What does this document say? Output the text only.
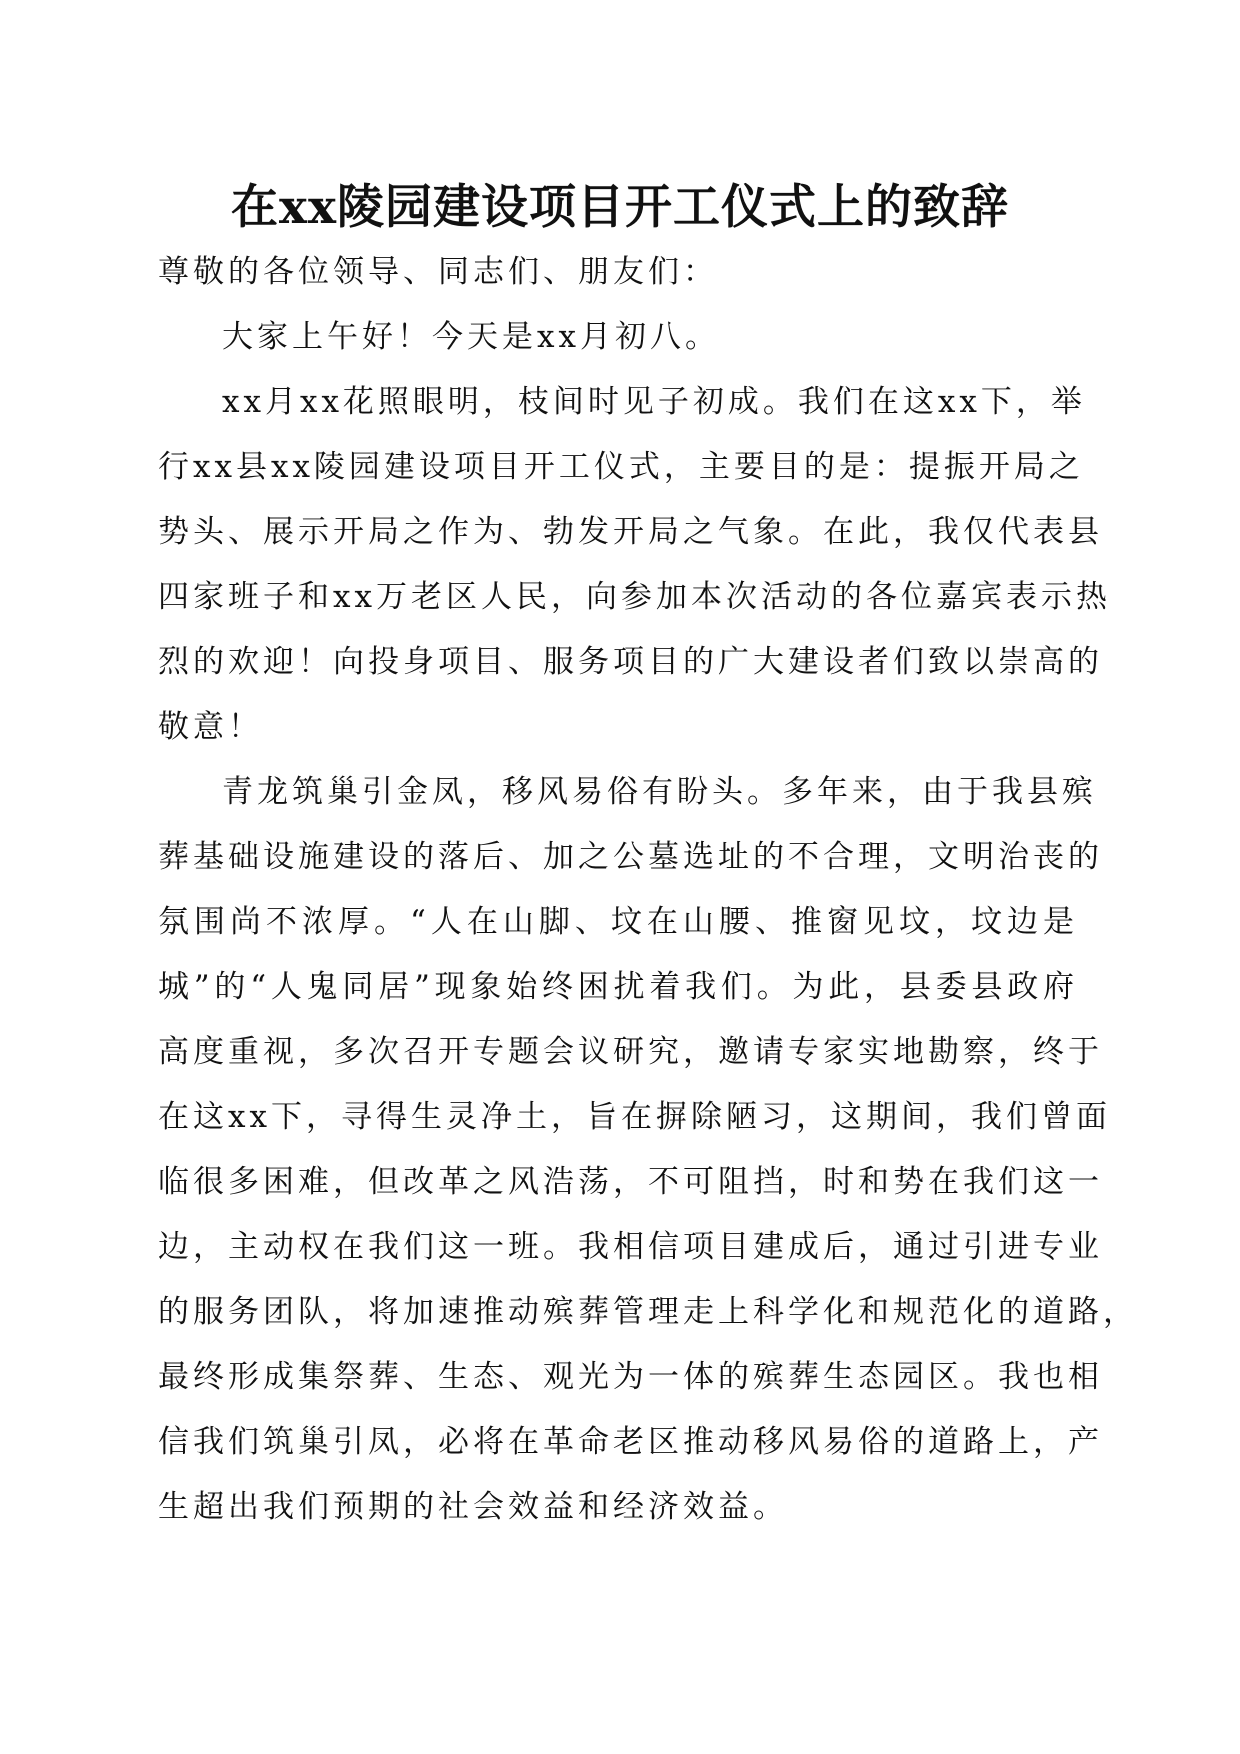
在xx陵园建设项目开工仪式上的致辞
尊敬的各位领导、同志们、朋友们：
大家上午好！今天是xx月初八。
xx月xx花照眼明，枝间时见子初成。我们在这xx下，举
行xx县xx陵园建设项目开工仪式，主要目的是：提振开局之
势头、展示开局之作为、勃发开局之气象。在此，我仅代表县
四家班子和xx万老区人民，向参加本次活动的各位嘉宾表示热
烈的欢迎！向投身项目、服务项目的广大建设者们致以崇高的
敬意！
青龙筑巢引金凤，移风易俗有盼头。多年来，由于我县殡
葬基础设施建设的落后、加之公墓选址的不合理，文明治丧的
氛围尚不浓厚。“人在山脚、坟在山腰、推窗见坟，坟边是
城”的“人鬼同居”现象始终困扰着我们。为此，县委县政府
高度重视，多次召开专题会议研究，邀请专家实地勘察，终于
在这xx下，寻得生灵净土，旨在摒除陋习，这期间，我们曾面
临很多困难，但改革之风浩荡，不可阻挡，时和势在我们这一
边，主动权在我们这一班。我相信项目建成后，通过引进专业
的服务团队，将加速推动殡葬管理走上科学化和规范化的道路，
最终形成集祭葬、生态、观光为一体的殡葬生态园区。我也相
信我们筑巢引凤，必将在革命老区推动移风易俗的道路上，产
生超出我们预期的社会效益和经济效益。
